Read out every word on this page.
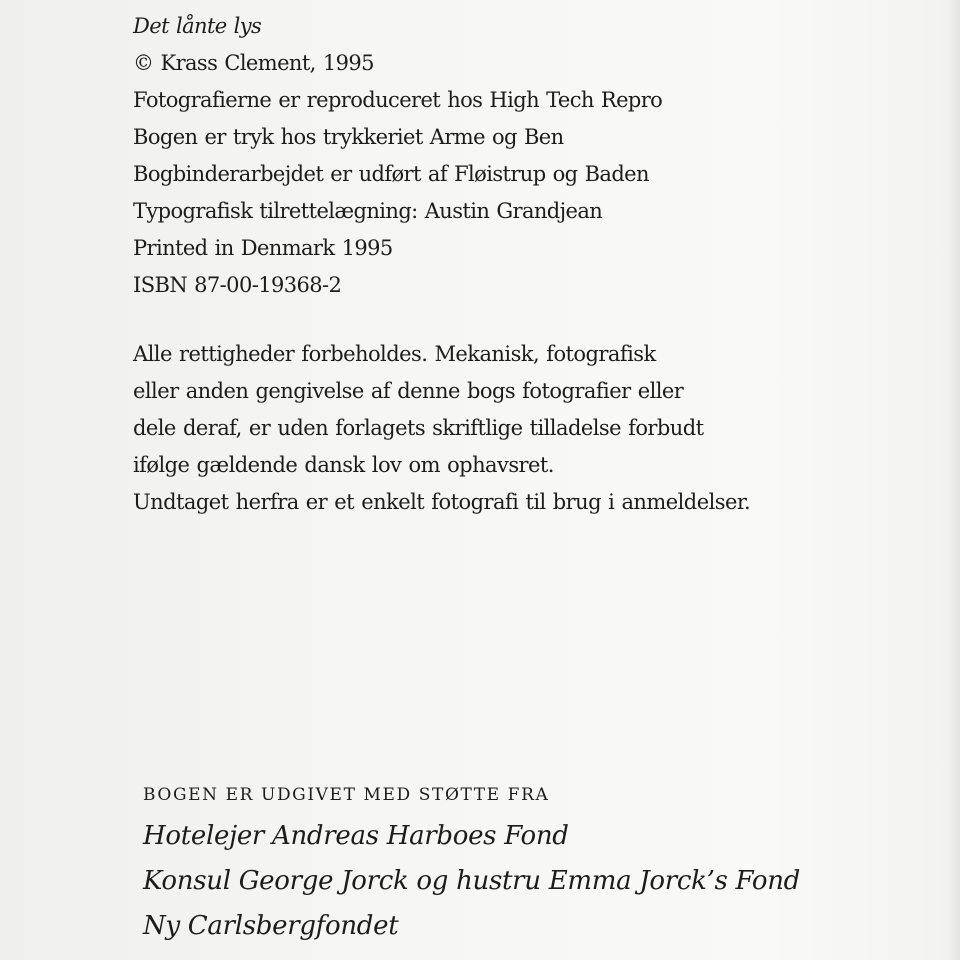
Det lånte lys
© Krass Clement, 1995
Fotografierne er reproduceret hos High Tech Repro
Bogen er tryk hos trykkeriet Arme og Ben
Bogbinderarbejdet er udført af Fløistrup og Baden
Typografisk tilrettelægning: Austin Grandjean
Printed in Denmark 1995
ISBN 87-00-19368-2
Alle rettigheder forbeholdes. Mekanisk, fotografisk
eller anden gengivelse af denne bogs fotografier eller
dele deraf, er uden forlagets skriftlige tilladelse forbudt
ifølge gældende dansk lov om ophavsret.
Undtaget herfra er et enkelt fotografi til brug i anmeldelser.
BOGEN ER UDGIVET MED STØTTE FRA
Hotelejer Andreas Harboes Fond
Konsul George Jorck og hustru Emma Jorck’s Fond
Ny Carlsbergfondet
